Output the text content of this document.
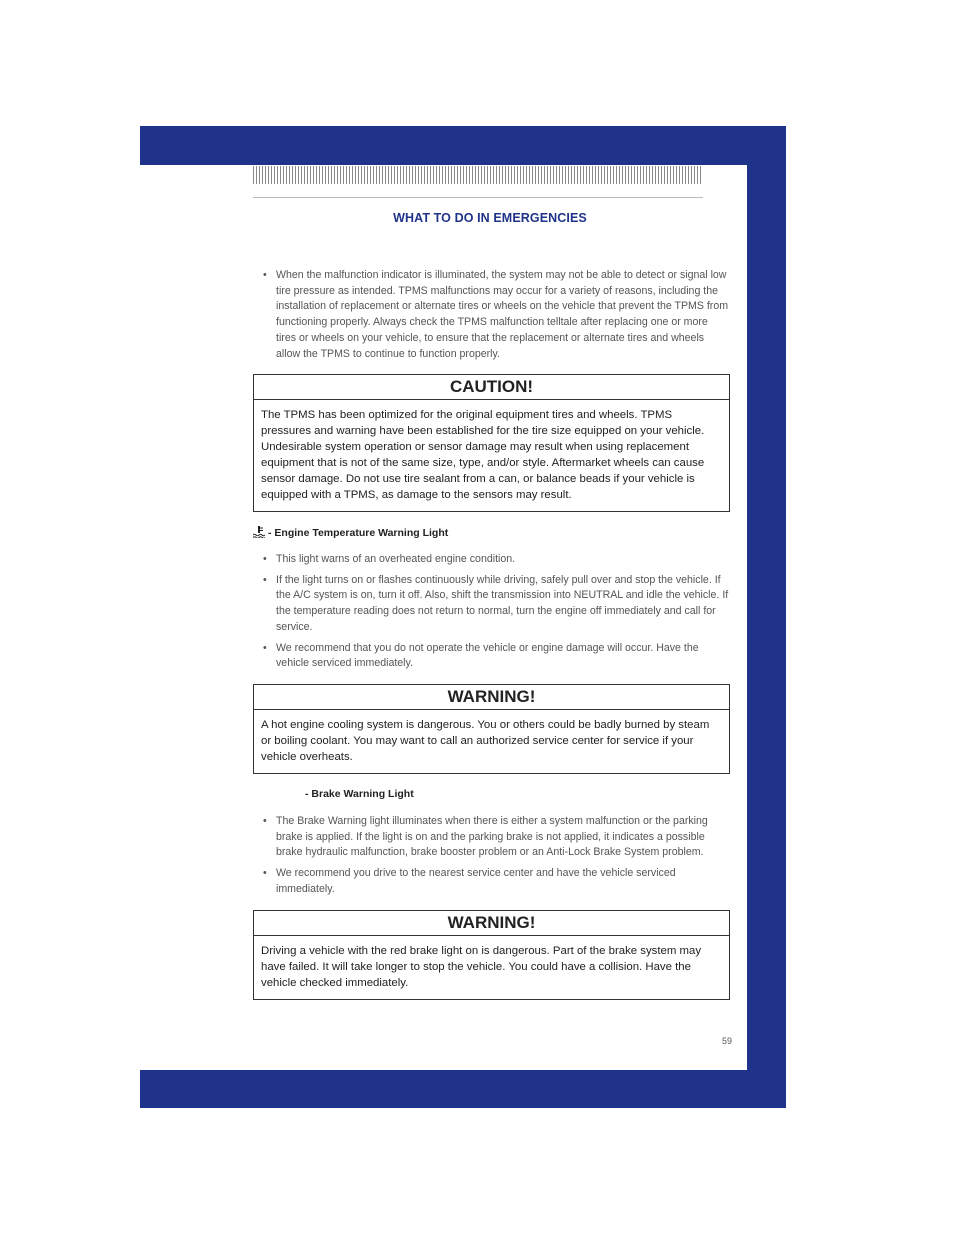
WHAT TO DO IN EMERGENCIES
• When the malfunction indicator is illuminated, the system may not be able to detect or signal low tire pressure as intended. TPMS malfunctions may occur for a variety of reasons, including the installation of replacement or alternate tires or wheels on the vehicle that prevent the TPMS from functioning properly. Always check the TPMS malfunction telltale after replacing one or more tires or wheels on your vehicle, to ensure that the replacement or alternate tires and wheels allow the TPMS to continue to function properly.
CAUTION!
The TPMS has been optimized for the original equipment tires and wheels. TPMS pressures and warning have been established for the tire size equipped on your vehicle. Undesirable system operation or sensor damage may result when using replacement equipment that is not of the same size, type, and/or style. Aftermarket wheels can cause sensor damage. Do not use tire sealant from a can, or balance beads if your vehicle is equipped with a TPMS, as damage to the sensors may result.
- Engine Temperature Warning Light
• This light warns of an overheated engine condition.
• If the light turns on or flashes continuously while driving, safely pull over and stop the vehicle. If the A/C system is on, turn it off. Also, shift the transmission into NEUTRAL and idle the vehicle. If the temperature reading does not return to normal, turn the engine off immediately and call for service.
• We recommend that you do not operate the vehicle or engine damage will occur. Have the vehicle serviced immediately.
WARNING!
A hot engine cooling system is dangerous. You or others could be badly burned by steam or boiling coolant. You may want to call an authorized service center for service if your vehicle overheats.
- Brake Warning Light
• The Brake Warning light illuminates when there is either a system malfunction or the parking brake is applied. If the light is on and the parking brake is not applied, it indicates a possible brake hydraulic malfunction, brake booster problem or an Anti-Lock Brake System problem.
• We recommend you drive to the nearest service center and have the vehicle serviced immediately.
WARNING!
Driving a vehicle with the red brake light on is dangerous. Part of the brake system may have failed. It will take longer to stop the vehicle. You could have a collision. Have the vehicle checked immediately.
59
